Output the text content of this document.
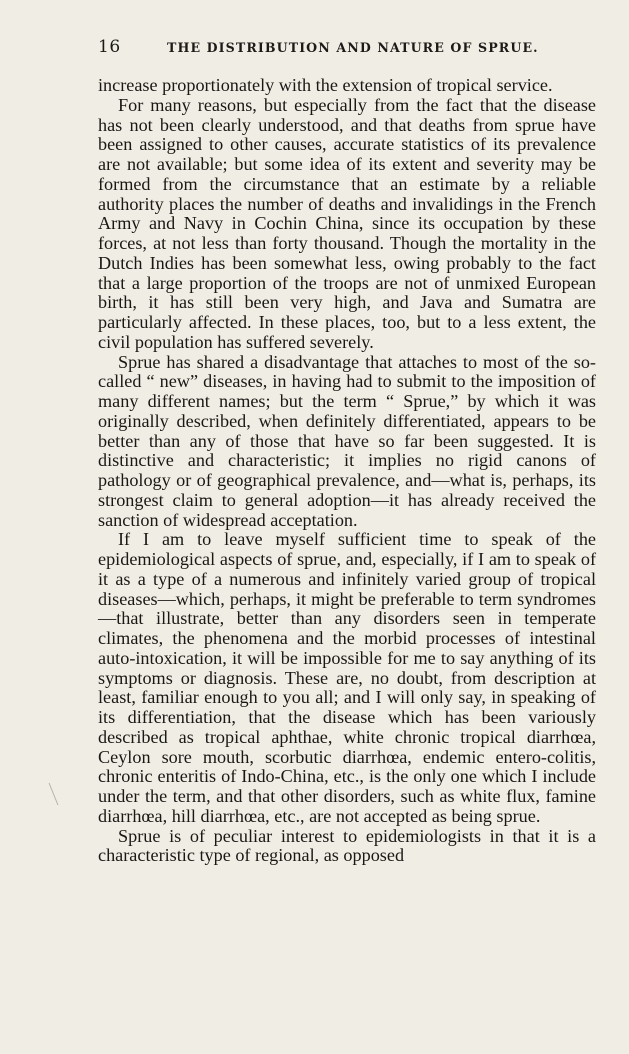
16	THE DISTRIBUTION AND NATURE OF SPRUE.

increase proportionately with the extension of tropical service.

For many reasons, but especially from the fact that the disease has not been clearly understood, and that deaths from sprue have been assigned to other causes, accurate statistics of its prevalence are not available; but some idea of its extent and severity may be formed from the circumstance that an estimate by a reliable authority places the number of deaths and invalidings in the French Army and Navy in Cochin China, since its occupation by these forces, at not less than forty thousand. Though the mortality in the Dutch Indies has been somewhat less, owing probably to the fact that a large proportion of the troops are not of unmixed European birth, it has still been very high, and Java and Sumatra are particularly affected. In these places, too, but to a less extent, the civil population has suffered severely.

Sprue has shared a disadvantage that attaches to most of the so-called “ new” diseases, in having had to submit to the imposition of many different names; but the term “ Sprue,” by which it was originally described, when definitely differentiated, appears to be better than any of those that have so far been suggested. It is distinctive and characteristic; it implies no rigid canons of pathology or of geographical prevalence, and—what is, perhaps, its strongest claim to general adoption—it has already received the sanction of widespread acceptation.

If I am to leave myself sufficient time to speak of the epidemiological aspects of sprue, and, especially, if I am to speak of it as a type of a numerous and infinitely varied group of tropical diseases—which, perhaps, it might be preferable to term syndromes—that illustrate, better than any disorders seen in temperate climates, the phenomena and the morbid processes of intestinal auto-intoxication, it will be impossible for me to say anything of its symptoms or diagnosis. These are, no doubt, from description at least, familiar enough to you all; and I will only say, in speaking of its differentiation, that the disease which has been variously described as tropical aphthae, white chronic tropical diarrhœa, Ceylon sore mouth, scorbutic diarrhœa, endemic entero-colitis, chronic enteritis of Indo-China, etc., is the only one which I include under the term, and that other disorders, such as white flux, famine diarrhœa, hill diarrhœa, etc., are not accepted as being sprue.

Sprue is of peculiar interest to epidemiologists in that it is a characteristic type of regional, as opposed
